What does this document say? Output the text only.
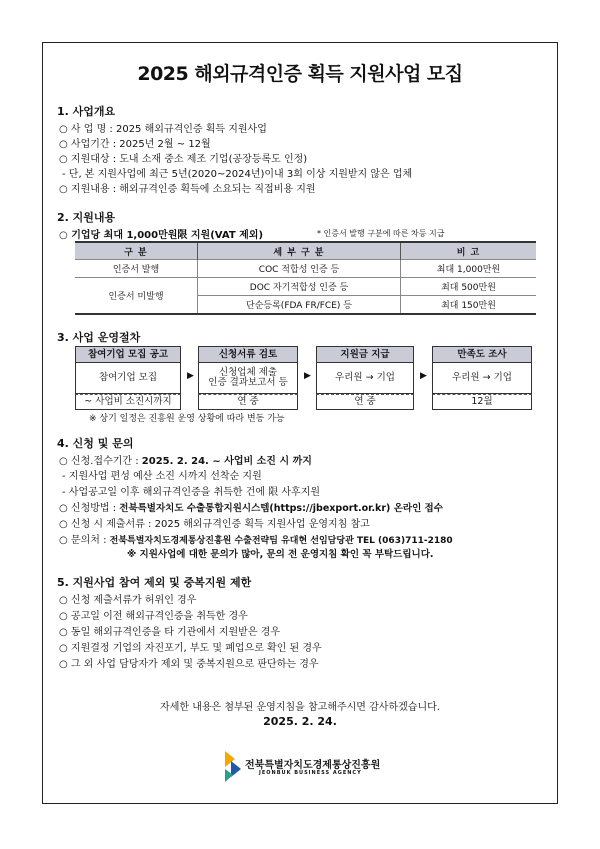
2025 해외규격인증 획득 지원사업 모집
1. 사업개요
○ 사 업 명 : 2025 해외규격인증 획득 지원사업
○ 사업기간 : 2025년 2월 ~ 12월
○ 지원대상 : 도내 소재 중소 제조 기업(공장등록도 인정)
- 단, 본 지원사업에 최근 5년(2020~2024년)이내 3회 이상 지원받지 않은 업체
○ 지원내용 : 해외규격인증 획득에 소요되는 직접비용 지원
2. 지원내용
○ 기업당 최대 1,000만원限 지원(VAT 제외)	* 인증서 발행 구분에 따른 차등 지급
구 분	세 부 구 분	비 고
인증서 발행	COC 적합성 인증 등	최대 1,000만원
인증서 미발행	DOC 자기적합성 인증 등	최대 500만원
	단순등록(FDA FR/FCE) 등	최대 150만원
3. 사업 운영절차
참여기업 모집 공고
참여기업 모집
~ 사업비 소진시까지
▶
신청서류 검토
신청업체 제출
인증 결과보고서 등
연 중
▶
지원금 지급
우리원 → 기업
연 중
▶
만족도 조사
우리원 → 기업
12월
※ 상기 일정은 진흥원 운영 상황에 따라 변동 가능
4. 신청 및 문의
○ 신청.접수기간 : 2025. 2. 24. ~ 사업비 소진 시 까지
- 지원사업 편성 예산 소진 시까지 선착순 지원
- 사업공고일 이후 해외규격인증을 취득한 건에 限 사후지원
○ 신청방법 : 전북특별자치도 수출통합지원시스템(https://jbexport.or.kr) 온라인 접수
○ 신청 시 제출서류 : 2025 해외규격인증 획득 지원사업 운영지침 참고
○ 문의처 : 전북특별자치도경제통상진흥원 수출전략팀 유대현 선임담당관 TEL (063)711-2180
※ 지원사업에 대한 문의가 많아, 문의 전 운영지침 확인 꼭 부탁드립니다.
5. 지원사업 참여 제외 및 중복지원 제한
○ 신청 제출서류가 허위인 경우
○ 공고일 이전 해외규격인증을 취득한 경우
○ 동일 해외규격인증을 타 기관에서 지원받은 경우
○ 지원결정 기업의 자진포기, 부도 및 폐업으로 확인 된 경우
○ 그 외 사업 담당자가 제외 및 중복지원으로 판단하는 경우
자세한 내용은 첨부된 운영지침을 참고해주시면 감사하겠습니다.
2025. 2. 24.
전북특별자치도경제통상진흥원
JEONBUK BUSINESS AGENCY
